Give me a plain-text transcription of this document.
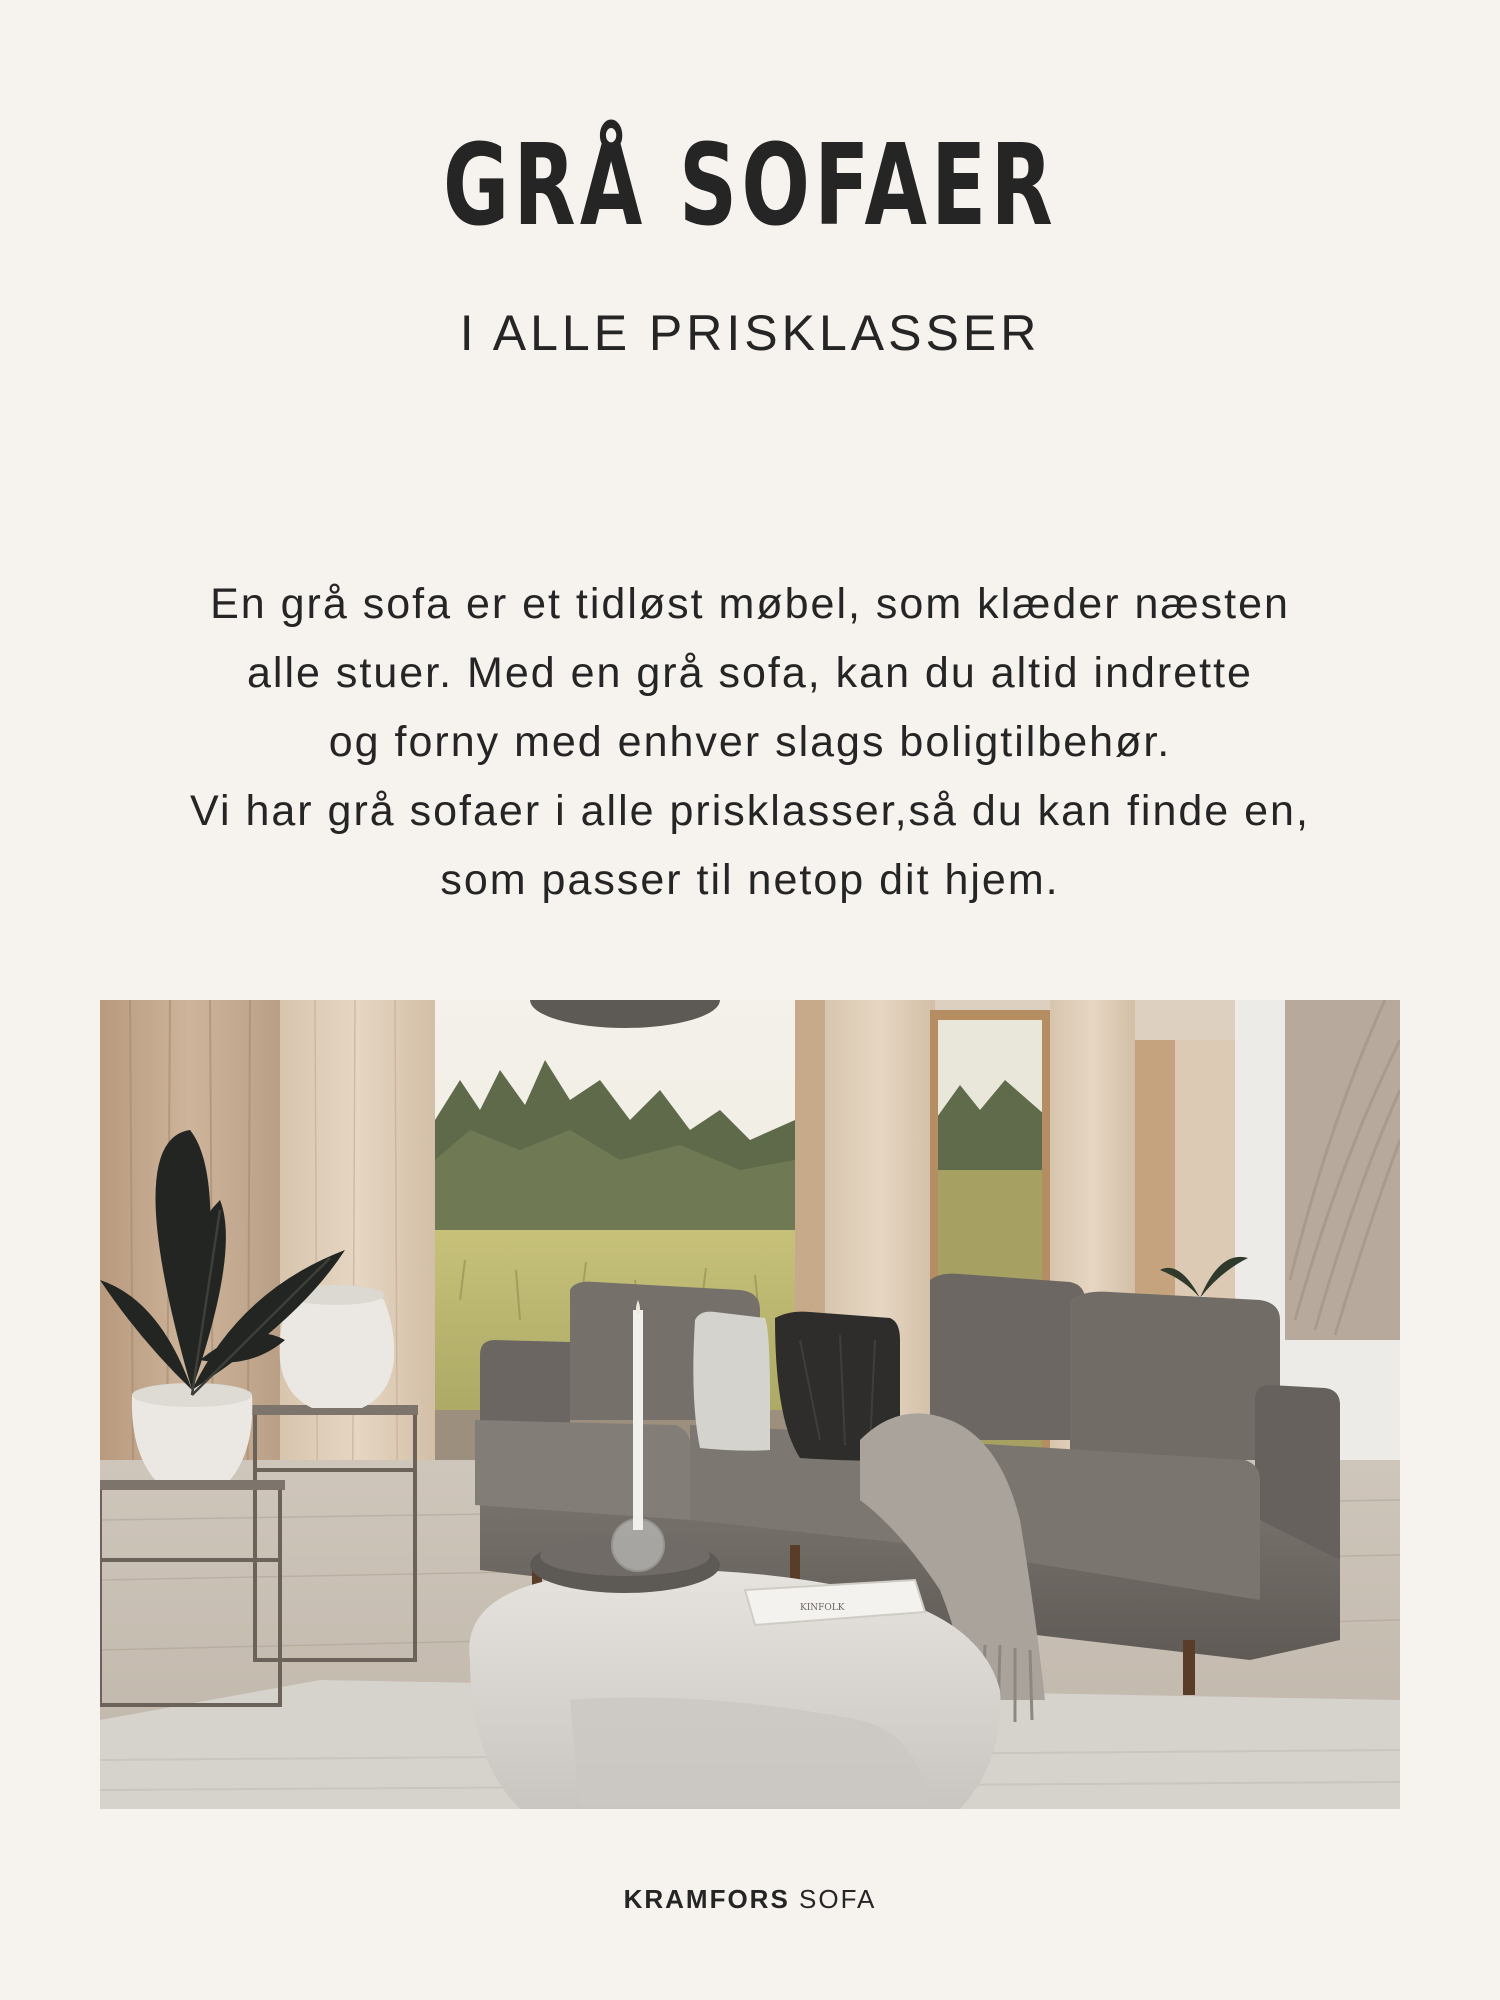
GRÅ SOFAER
I ALLE PRISKLASSER
En grå sofa er et tidløst møbel, som klæder næsten
alle stuer. Med en grå sofa, kan du altid indrette
og forny med enhver slags boligtilbehør.
Vi har grå sofaer i alle prisklasser,så du kan finde en,
som passer til netop dit hjem.
KINFOLK
KRAMFORS SOFA
